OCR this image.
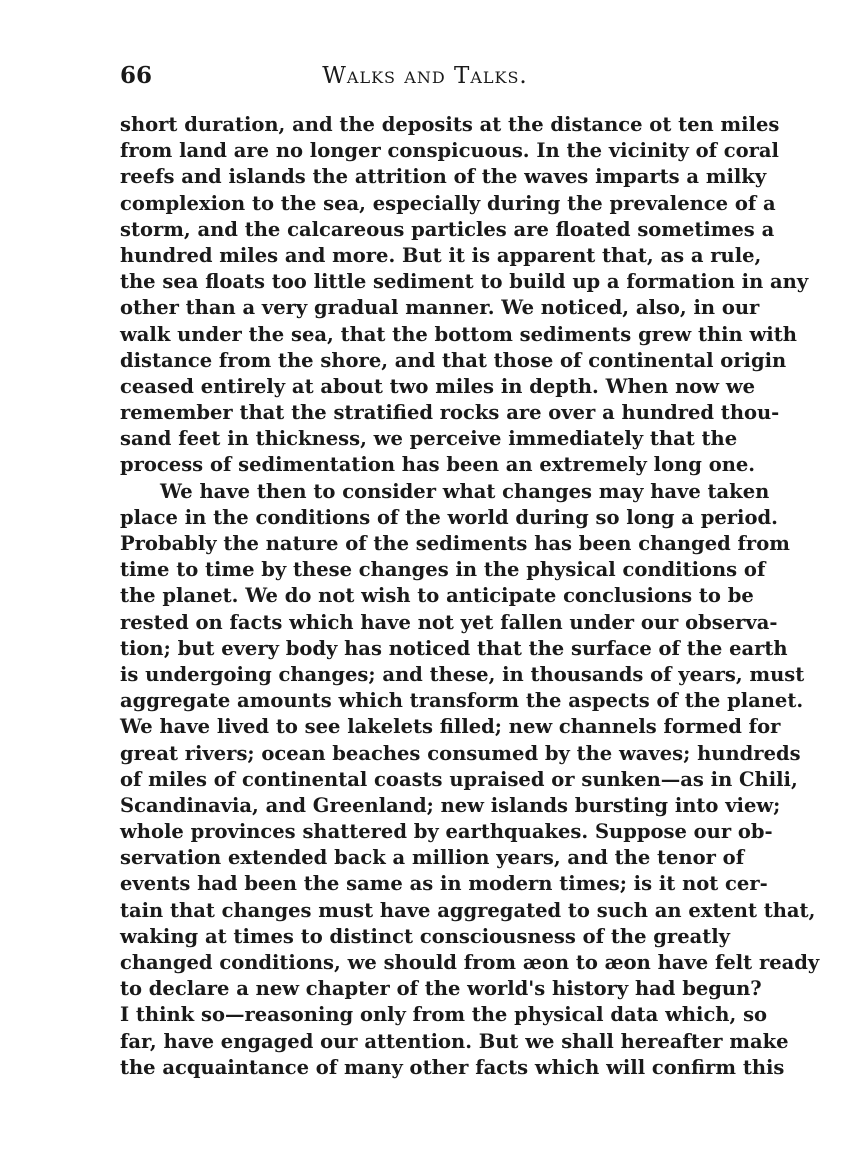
66	Walks and Talks.
short duration, and the deposits at the distance ot ten miles
from land are no longer conspicuous. In the vicinity of coral
reefs and islands the attrition of the waves imparts a milky
complexion to the sea, especially during the prevalence of a
storm, and the calcareous particles are floated sometimes a
hundred miles and more. But it is apparent that, as a rule,
the sea floats too little sediment to build up a formation in any
other than a very gradual manner. We noticed, also, in our
walk under the sea, that the bottom sediments grew thin with
distance from the shore, and that those of continental origin
ceased entirely at about two miles in depth. When now we
remember that the stratified rocks are over a hundred thou-
sand feet in thickness, we perceive immediately that the
process of sedimentation has been an extremely long one.
We have then to consider what changes may have taken
place in the conditions of the world during so long a period.
Probably the nature of the sediments has been changed from
time to time by these changes in the physical conditions of
the planet. We do not wish to anticipate conclusions to be
rested on facts which have not yet fallen under our observa-
tion; but every body has noticed that the surface of the earth
is undergoing changes; and these, in thousands of years, must
aggregate amounts which transform the aspects of the planet.
We have lived to see lakelets filled; new channels formed for
great rivers; ocean beaches consumed by the waves; hundreds
of miles of continental coasts upraised or sunken—as in Chili,
Scandinavia, and Greenland; new islands bursting into view;
whole provinces shattered by earthquakes. Suppose our ob-
servation extended back a million years, and the tenor of
events had been the same as in modern times; is it not cer-
tain that changes must have aggregated to such an extent that,
waking at times to distinct consciousness of the greatly
changed conditions, we should from æon to æon have felt ready
to declare a new chapter of the world's history had begun?
I think so—reasoning only from the physical data which, so
far, have engaged our attention. But we shall hereafter make
the acquaintance of many other facts which will confirm this
